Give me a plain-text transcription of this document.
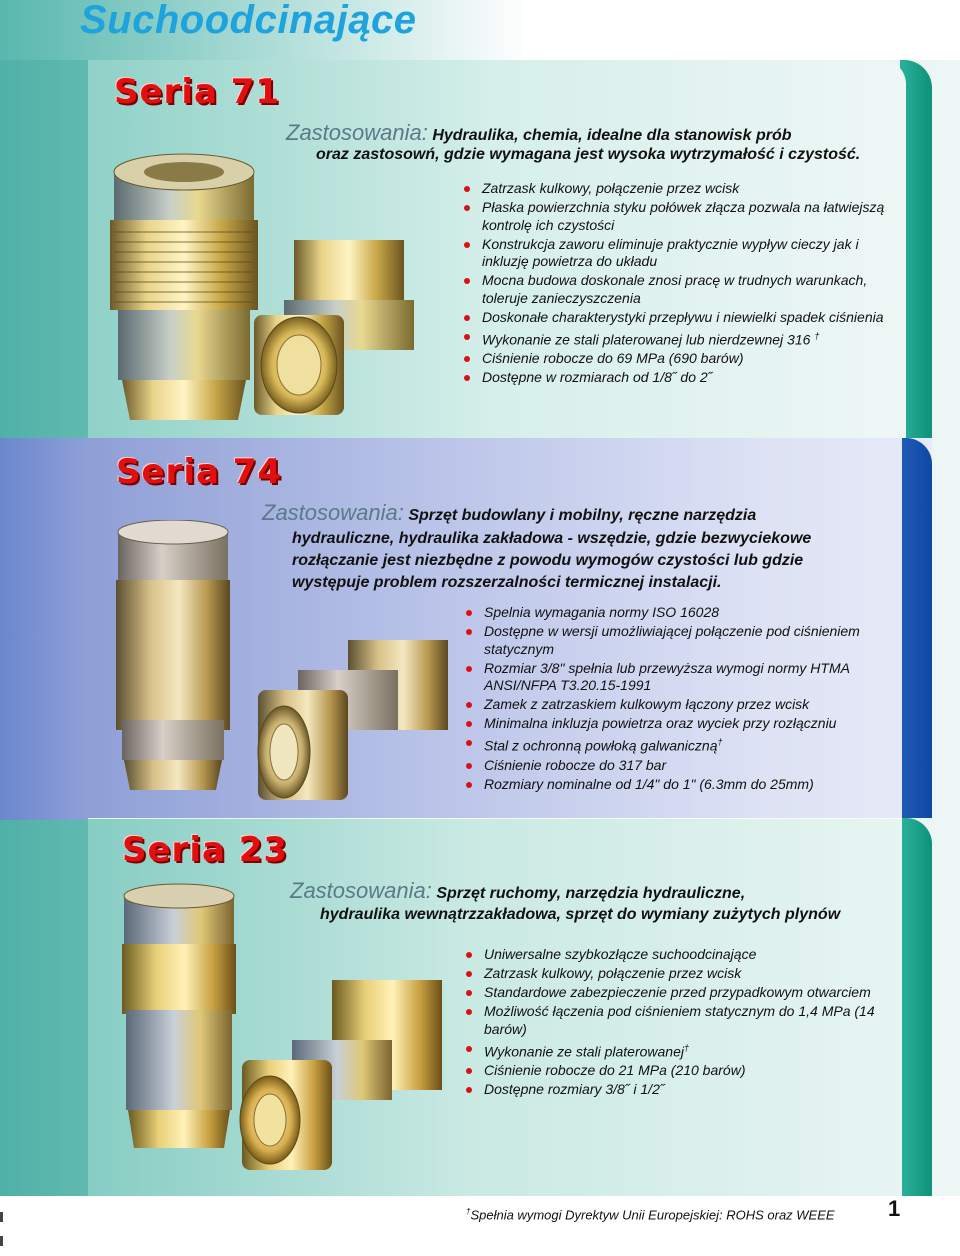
Suchoodcinające
Seria 71
Zastosowania: Hydraulika, chemia, idealne dla stanowisk prób
oraz zastosowń, gdzie wymagana jest wysoka wytrzymałość i czystość.
Zatrzask kulkowy, połączenie przez wcisk
Płaska powierzchnia styku połówek złącza pozwala na łatwiejszą kontrolę ich czystości
Konstrukcja zaworu eliminuje praktycznie wypływ cieczy jak i inkluzję powietrza do układu
Mocna budowa doskonale znosi pracę w trudnych warunkach, toleruje zanieczyszczenia
Doskonałe charakterystyki przepływu i niewielki spadek ciśnienia
Wykonanie ze stali platerowanej lub nierdzewnej 316 †
Ciśnienie robocze do 69 MPa (690 barów)
Dostępne w rozmiarach od 1/8˝ do 2˝
Seria 74
Zastosowania: Sprzęt budowlany i mobilny, ręczne narzędzia
hydrauliczne, hydraulika zakładowa - wszędzie, gdzie bezwyciekowe
rozłączanie jest niezbędne z powodu wymogów czystości lub gdzie
występuje problem rozszerzalności termicznej instalacji.
Spelnia wymagania normy ISO 16028
Dostępne w wersji umożliwiającej połączenie pod ciśnieniem statycznym
Rozmiar 3/8" spełnia lub przewyższa wymogi normy HTMA ANSI/NFPA T3.20.15-1991
Zamek z zatrzaskiem kulkowym łączony przez wcisk
Minimalna inkluzja powietrza oraz wyciek przy rozłączniu
Stal z ochronną powłoką galwaniczną†
Ciśnienie robocze do 317 bar
Rozmiary nominalne od 1/4" do 1" (6.3mm do 25mm)
Seria 23
Zastosowania: Sprzęt ruchomy, narzędzia hydrauliczne,
hydraulika wewnątrzzakładowa, sprzęt do wymiany zużytych plynów
Uniwersalne szybkozłącze suchoodcinające
Zatrzask kulkowy, połączenie przez wcisk
Standardowe zabezpieczenie przed przypadkowym otwarciem
Możliwość łączenia pod ciśnieniem statycznym do 1,4 MPa (14 barów)
Wykonanie ze stali platerowanej†
Ciśnienie robocze do 21 MPa (210 barów)
Dostępne rozmiary 3/8˝ i 1/2˝
†Spełnia wymogi Dyrektyw Unii Europejskiej: ROHS oraz WEEE 1
